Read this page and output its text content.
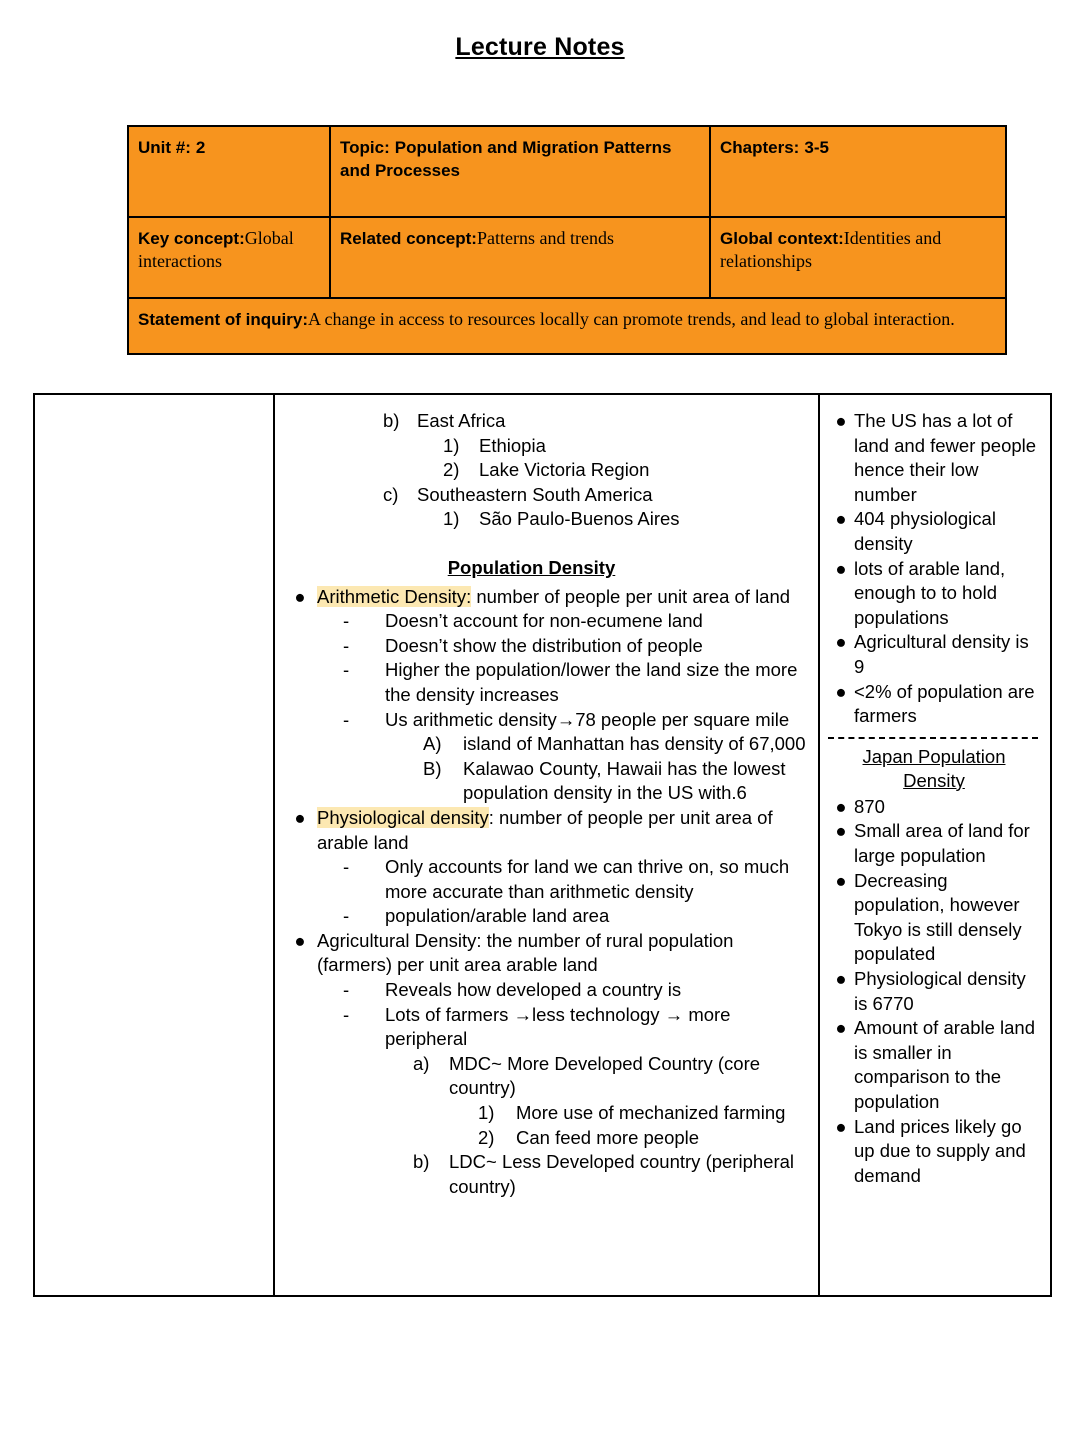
Lecture Notes
Unit #: 2	Topic: Population and Migration Patterns and Processes	Chapters: 3-5
Key concept:Global interactions	Related concept:Patterns and trends	Global context:Identities and relationships
Statement of inquiry:A change in access to resources locally can promote trends, and lead to global interaction.		

b) East Africa
1)	Ethiopia
2)	Lake Victoria Region
c)	Southeastern South America
1)	São Paulo-Buenos Aires
Population Density
● Arithmetic Density: number of people per unit area of land
-	Doesn’t account for non-ecumene land
-	Doesn’t show the distribution of people
-	Higher the population/lower the land size the more the density increases
-	Us arithmetic density→78 people per square mile
A)	island of Manhattan has density of 67,000
B)	Kalawao County, Hawaii has the lowest population density in the US with.6
● Physiological density: number of people per unit area of arable land
-	Only accounts for land we can thrive on, so much more accurate than arithmetic density
-	population/arable land area
● Agricultural Density: the number of rural population (farmers) per unit area arable land
-	Reveals how developed a country is
-	Lots of farmers →less technology → more peripheral
a)	MDC~ More Developed Country (core country)
1)	More use of mechanized farming
2)	Can feed more people
b)	LDC~ Less Developed country (peripheral country)

● The US has a lot of land and fewer people hence their low number
● 404 physiological density
● lots of arable land, enough to to hold populations
● Agricultural density is 9
● <2% of population are farmers
Japan Population Density
● 870
● Small area of land for large population
● Decreasing population, however Tokyo is still densely populated
● Physiological density is 6770
● Amount of arable land is smaller in comparison to the population
● Land prices likely go up due to supply and demand
